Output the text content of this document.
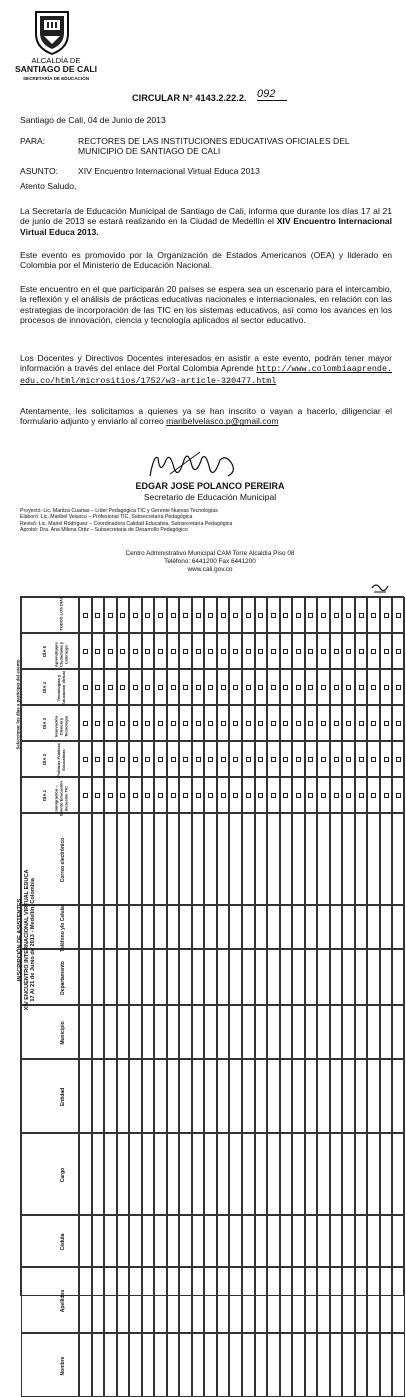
ALCALDÍA DE
SANTIAGO DE CALI
SECRETARÍA DE EDUCACIÓN
CIRCULAR N° 4143.2.22.2. 092
Santiago de Cali, 04 de Junio de 2013
PARA:	RECTORES DE LAS INSTITUCIONES EDUCATIVAS OFICIALES DEL MUNICIPIO DE SANTIAGO DE CALI
ASUNTO: XIV Encuentro Internacional Virtual Educa 2013
Atento Saludo,
La Secretaría de Educación Municipal de Santiago de Cali, informa que durante los días 17 al 21 de junio de 2013 se estará realizando en la Ciudad de Medellín el XIV Encuentro Internacional Virtual Educa 2013.
Este evento es promovido por la Organización de Estados Americanos (OEA) y liderado en Colombia por el Ministerio de Educación Nacional.
Este encuentro en el que participarán 20 países se espera sea un escenario para el intercambio, la reflexión y el análisis de prácticas educativas nacionales e internacionales, en relación con las estrategias de incorporación de las TIC en los sistemas educativos, así como los avances en los procesos de innovación, ciencia y tecnología aplicados al sector educativo.
Los Docentes y Directivos Docentes interesados en asistir a este evento, podrán tener mayor información a través del enlace del Portal Colombia Aprende http://www.colombiaaprende.edu.co/html/micrositios/1752/w3-article-320477.html
Atentamente, les solicitamos a quienes ya se han inscrito o vayan a hacerlo, diligenciar el formulario adjunto y enviarlo al correo maribelvelasco.p@gmail.com
EDGAR JOSE POLANCO PEREIRA
Secretario de Educación Municipal
Proyectó: Lic. Maritza Cuartas – Líder Pedagógica TIC y Gerente Nuevas Tecnologías
Elaboró: Lic. Maribel Velasco – Profesional TIC, Subsecretaría Pedagógica
Revisó: Lic. Mariel Rodríguez – Coordinadora Calidad Educativa, Subsecretaría Pedagógica
Aprobó: Dra. Ana Milena Ortiz – Subsecretaria de Desarrollo Pedagógico
Centro Administrativo Municipal CAM Torre Alcaldía Piso 08
Teléfono: 6441200 Fax 6441200
www.cali.gov.co
TODOS LOS DÍAS
Aprendizajes Ciudadanía y Liderazgo
DÍA 5
Tecnologías y Educación Virtual
DÍA 4
Innovación Ciencia y Tecnología
DÍA 3
Políticas Públicas Educativas
DÍA 2
Inmigración – Evento Educación Inclusión TIC
DÍA 1
Seleccionar los días a participar del evento
Correo electrónico
Teléfono y/o Celular
Departamento
Municipio
Entidad
Cargo
Cédula
Apellidos
Nombre
INSCRIPCIÓN DE ASISTENTES XIV ENCUENTRO INTERNACIONAL VIRTUAL EDUCA 17 Al 21 de Junio de 2013 - Medellín, Colombia
